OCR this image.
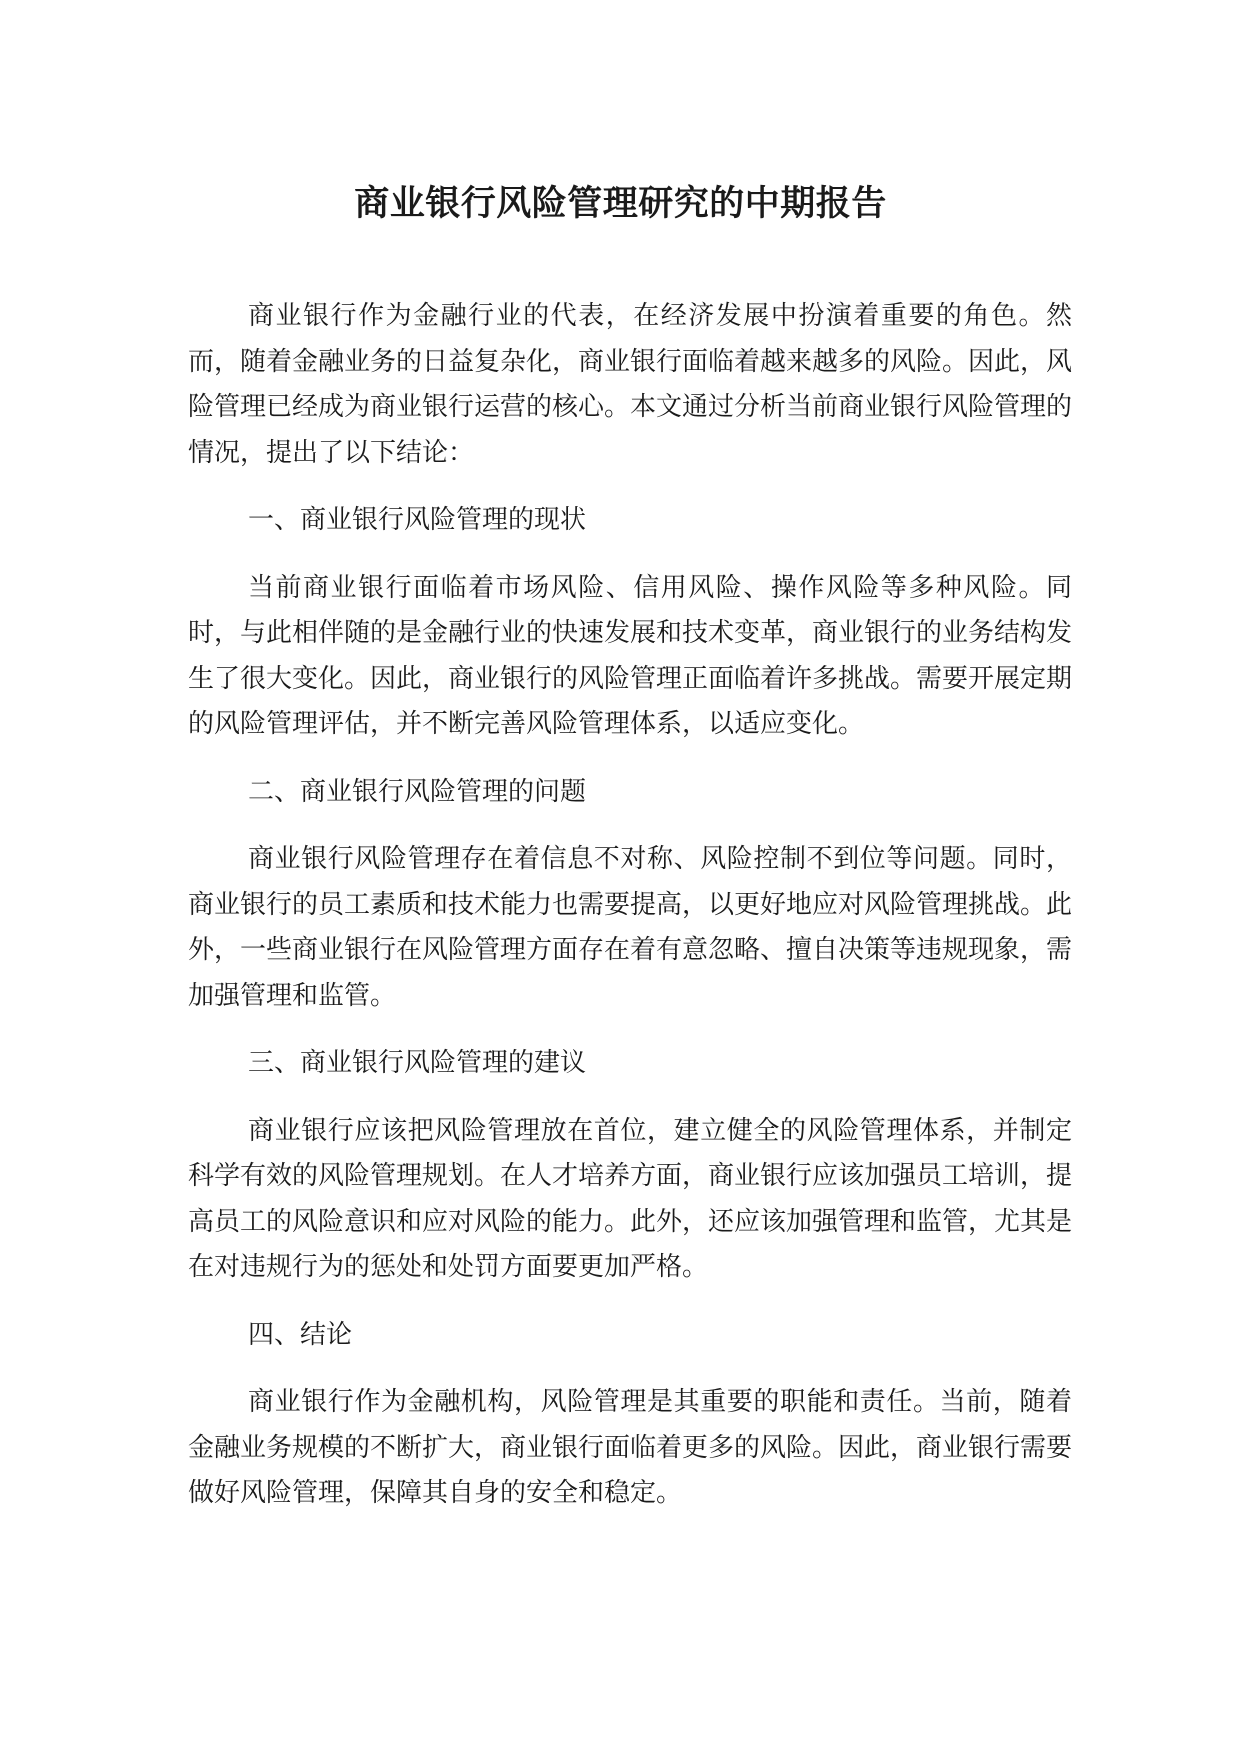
商业银行风险管理研究的中期报告

商业银行作为金融行业的代表，在经济发展中扮演着重要的角色。然而，随着金融业务的日益复杂化，商业银行面临着越来越多的风险。因此，风险管理已经成为商业银行运营的核心。本文通过分析当前商业银行风险管理的情况，提出了以下结论：

一、商业银行风险管理的现状

当前商业银行面临着市场风险、信用风险、操作风险等多种风险。同时，与此相伴随的是金融行业的快速发展和技术变革，商业银行的业务结构发生了很大变化。因此，商业银行的风险管理正面临着许多挑战。需要开展定期的风险管理评估，并不断完善风险管理体系，以适应变化。

二、商业银行风险管理的问题

商业银行风险管理存在着信息不对称、风险控制不到位等问题。同时，商业银行的员工素质和技术能力也需要提高，以更好地应对风险管理挑战。此外，一些商业银行在风险管理方面存在着有意忽略、擅自决策等违规现象，需加强管理和监管。

三、商业银行风险管理的建议

商业银行应该把风险管理放在首位，建立健全的风险管理体系，并制定科学有效的风险管理规划。在人才培养方面，商业银行应该加强员工培训，提高员工的风险意识和应对风险的能力。此外，还应该加强管理和监管，尤其是在对违规行为的惩处和处罚方面要更加严格。

四、结论

商业银行作为金融机构，风险管理是其重要的职能和责任。当前，随着金融业务规模的不断扩大，商业银行面临着更多的风险。因此，商业银行需要做好风险管理，保障其自身的安全和稳定。
